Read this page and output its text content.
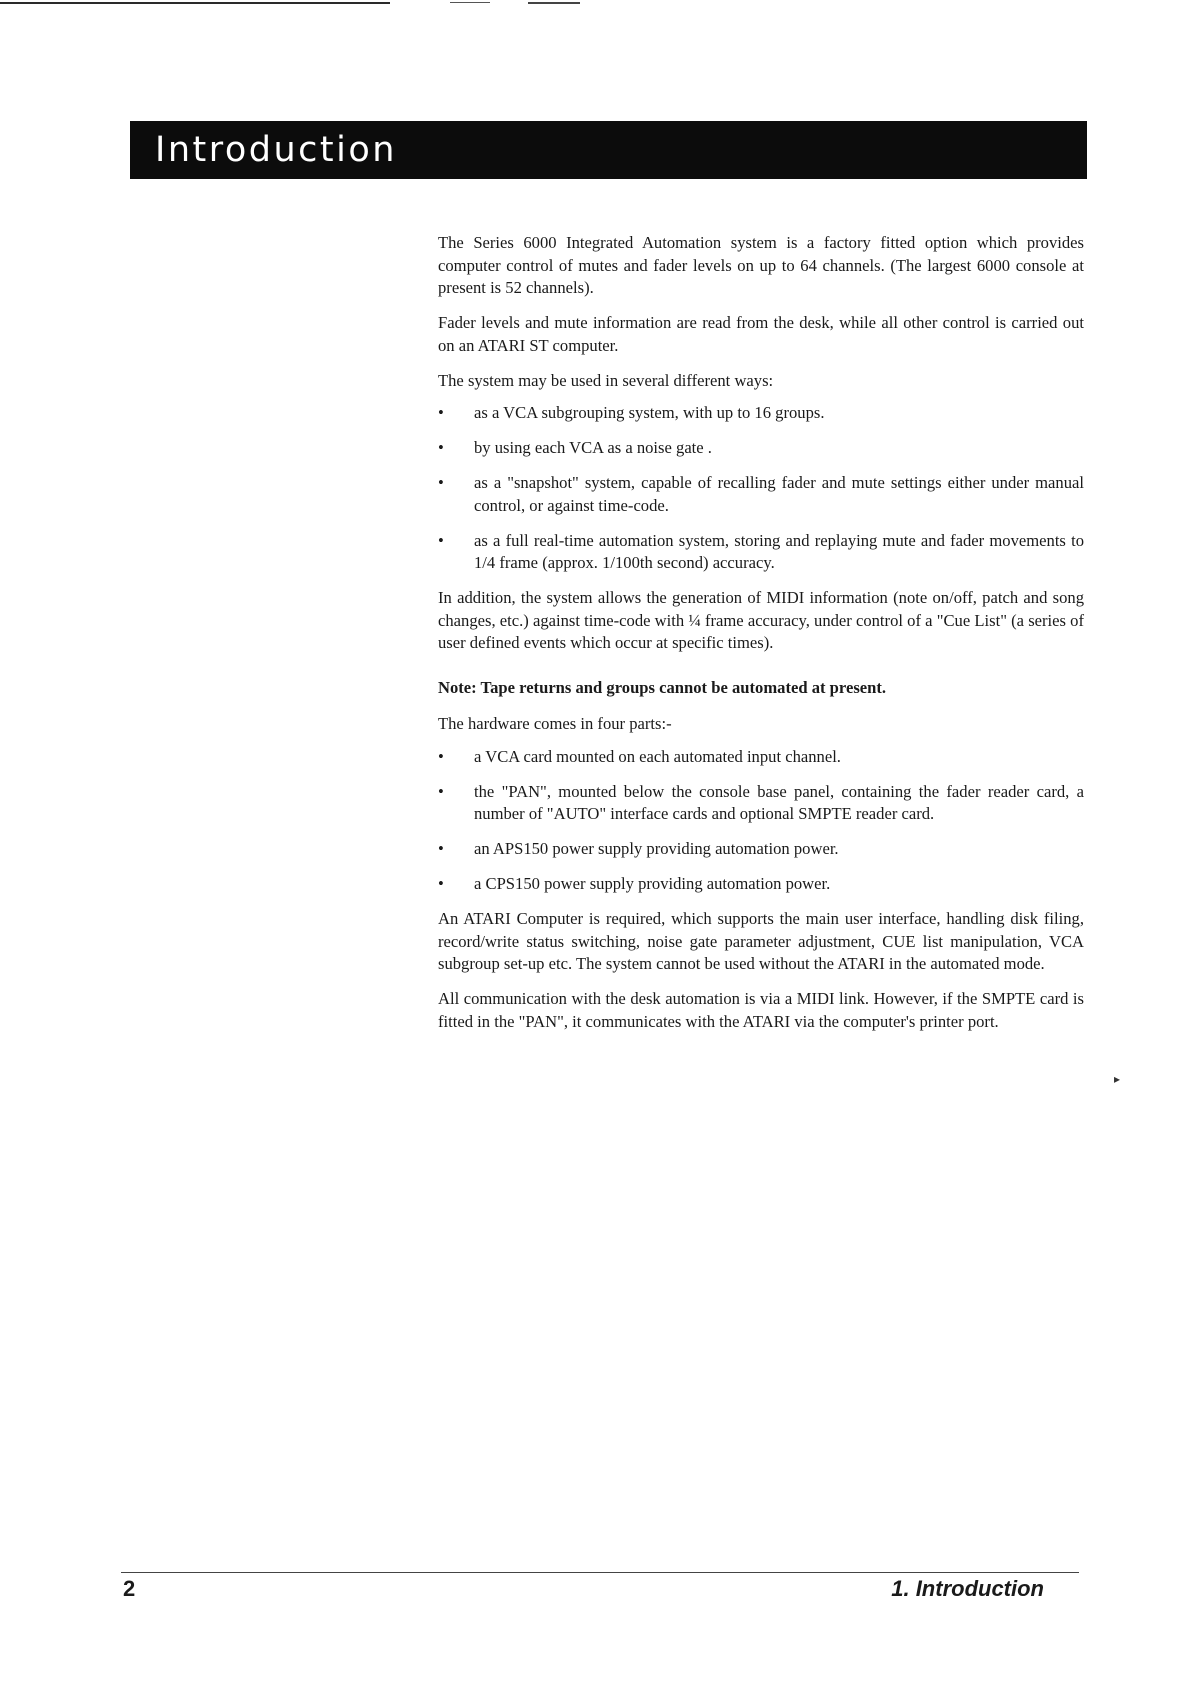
Introduction

The Series 6000 Integrated Automation system is a factory fitted option which provides computer control of mutes and fader levels on up to 64 channels. (The largest 6000 console at present is 52 channels).

Fader levels and mute information are read from the desk, while all other control is carried out on an ATARI ST computer.

The system may be used in several different ways:

• as a VCA subgrouping system, with up to 16 groups.
• by using each VCA as a noise gate .
• as a "snapshot" system, capable of recalling fader and mute settings either under manual control, or against time-code.
• as a full real-time automation system, storing and replaying mute and fader movements to 1/4 frame (approx. 1/100th second) accuracy.

In addition, the system allows the generation of MIDI information (note on/off, patch and song changes, etc.) against time-code with ¼ frame accuracy, under control of a "Cue List" (a series of user defined events which occur at specific times).

Note: Tape returns and groups cannot be automated at present.

The hardware comes in four parts:-

• a VCA card mounted on each automated input channel.
• the "PAN", mounted below the console base panel, containing the fader reader card, a number of "AUTO" interface cards and optional SMPTE reader card.
• an APS150 power supply providing automation power.
• a CPS150 power supply providing automation power.

An ATARI Computer is required, which supports the main user interface, handling disk filing, record/write status switching, noise gate parameter adjustment, CUE list manipulation, VCA subgroup set-up etc. The system cannot be used without the ATARI in the automated mode.

All communication with the desk automation is via a MIDI link. However, if the SMPTE card is fitted in the "PAN", it communicates with the ATARI via the computer's printer port.

▸
2	1. Introduction
